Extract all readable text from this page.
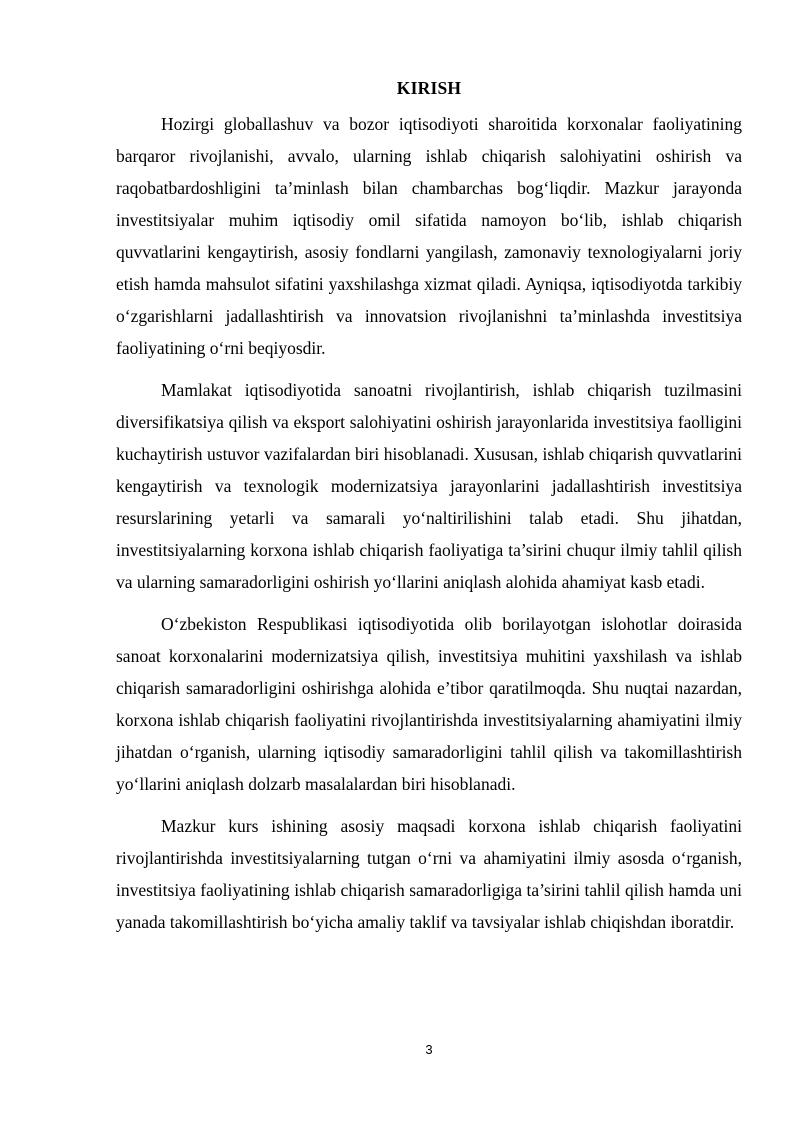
KIRISH

Hozirgi globallashuv va bozor iqtisodiyoti sharoitida korxonalar faoliyatining barqaror rivojlanishi, avvalo, ularning ishlab chiqarish salohiyatini oshirish va raqobatbardoshligini ta’minlash bilan chambarchas bog‘liqdir. Mazkur jarayonda investitsiyalar muhim iqtisodiy omil sifatida namoyon bo‘lib, ishlab chiqarish quvvatlarini kengaytirish, asosiy fondlarni yangilash, zamonaviy texnologiyalarni joriy etish hamda mahsulot sifatini yaxshilashga xizmat qiladi. Ayniqsa, iqtisodiyotda tarkibiy o‘zgarishlarni jadallashtirish va innovatsion rivojlanishni ta’minlashda investitsiya faoliyatining o‘rni beqiyosdir.

Mamlakat iqtisodiyotida sanoatni rivojlantirish, ishlab chiqarish tuzilmasini diversifikatsiya qilish va eksport salohiyatini oshirish jarayonlarida investitsiya faolligini kuchaytirish ustuvor vazifalardan biri hisoblanadi. Xususan, ishlab chiqarish quvvatlarini kengaytirish va texnologik modernizatsiya jarayonlarini jadallashtirish investitsiya resurslarining yetarli va samarali yo‘naltirilishini talab etadi. Shu jihatdan, investitsiyalarning korxona ishlab chiqarish faoliyatiga ta’sirini chuqur ilmiy tahlil qilish va ularning samaradorligini oshirish yo‘llarini aniqlash alohida ahamiyat kasb etadi.

O‘zbekiston Respublikasi iqtisodiyotida olib borilayotgan islohotlar doirasida sanoat korxonalarini modernizatsiya qilish, investitsiya muhitini yaxshilash va ishlab chiqarish samaradorligini oshirishga alohida e’tibor qaratilmoqda. Shu nuqtai nazardan, korxona ishlab chiqarish faoliyatini rivojlantirishda investitsiyalarning ahamiyatini ilmiy jihatdan o‘rganish, ularning iqtisodiy samaradorligini tahlil qilish va takomillashtirish yo‘llarini aniqlash dolzarb masalalardan biri hisoblanadi.

Mazkur kurs ishining asosiy maqsadi korxona ishlab chiqarish faoliyatini rivojlantirishda investitsiyalarning tutgan o‘rni va ahamiyatini ilmiy asosda o‘rganish, investitsiya faoliyatining ishlab chiqarish samaradorligiga ta’sirini tahlil qilish hamda uni yanada takomillashtirish bo‘yicha amaliy taklif va tavsiyalar ishlab chiqishdan iboratdir.

3
